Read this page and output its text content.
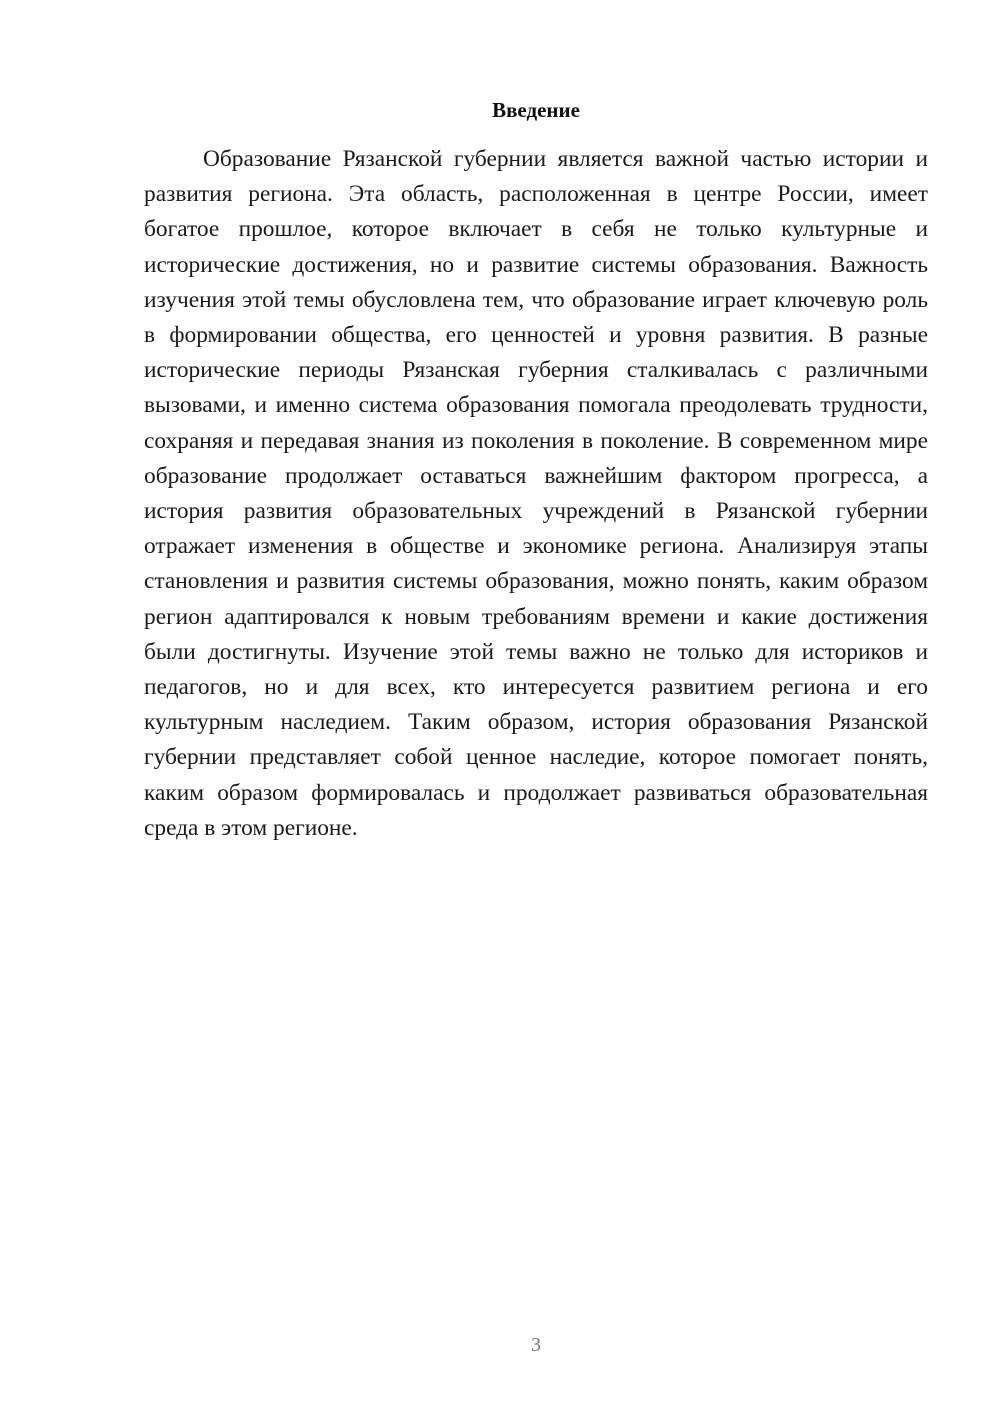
Введение

Образование Рязанской губернии является важной частью истории и развития региона. Эта область, расположенная в центре России, имеет богатое прошлое, которое включает в себя не только культурные и исторические достижения, но и развитие системы образования. Важность изучения этой темы обусловлена тем, что образование играет ключевую роль в формировании общества, его ценностей и уровня развития. В разные исторические периоды Рязанская губерния сталкивалась с различными вызовами, и именно система образования помогала преодолевать трудности, сохраняя и передавая знания из поколения в поколение. В современном мире образование продолжает оставаться важнейшим фактором прогресса, а история развития образовательных учреждений в Рязанской губернии отражает изменения в обществе и экономике региона. Анализируя этапы становления и развития системы образования, можно понять, каким образом регион адаптировался к новым требованиям времени и какие достижения были достигнуты. Изучение этой темы важно не только для историков и педагогов, но и для всех, кто интересуется развитием региона и его культурным наследием. Таким образом, история образования Рязанской губернии представляет собой ценное наследие, которое помогает понять, каким образом формировалась и продолжает развиваться образовательная среда в этом регионе.

3
